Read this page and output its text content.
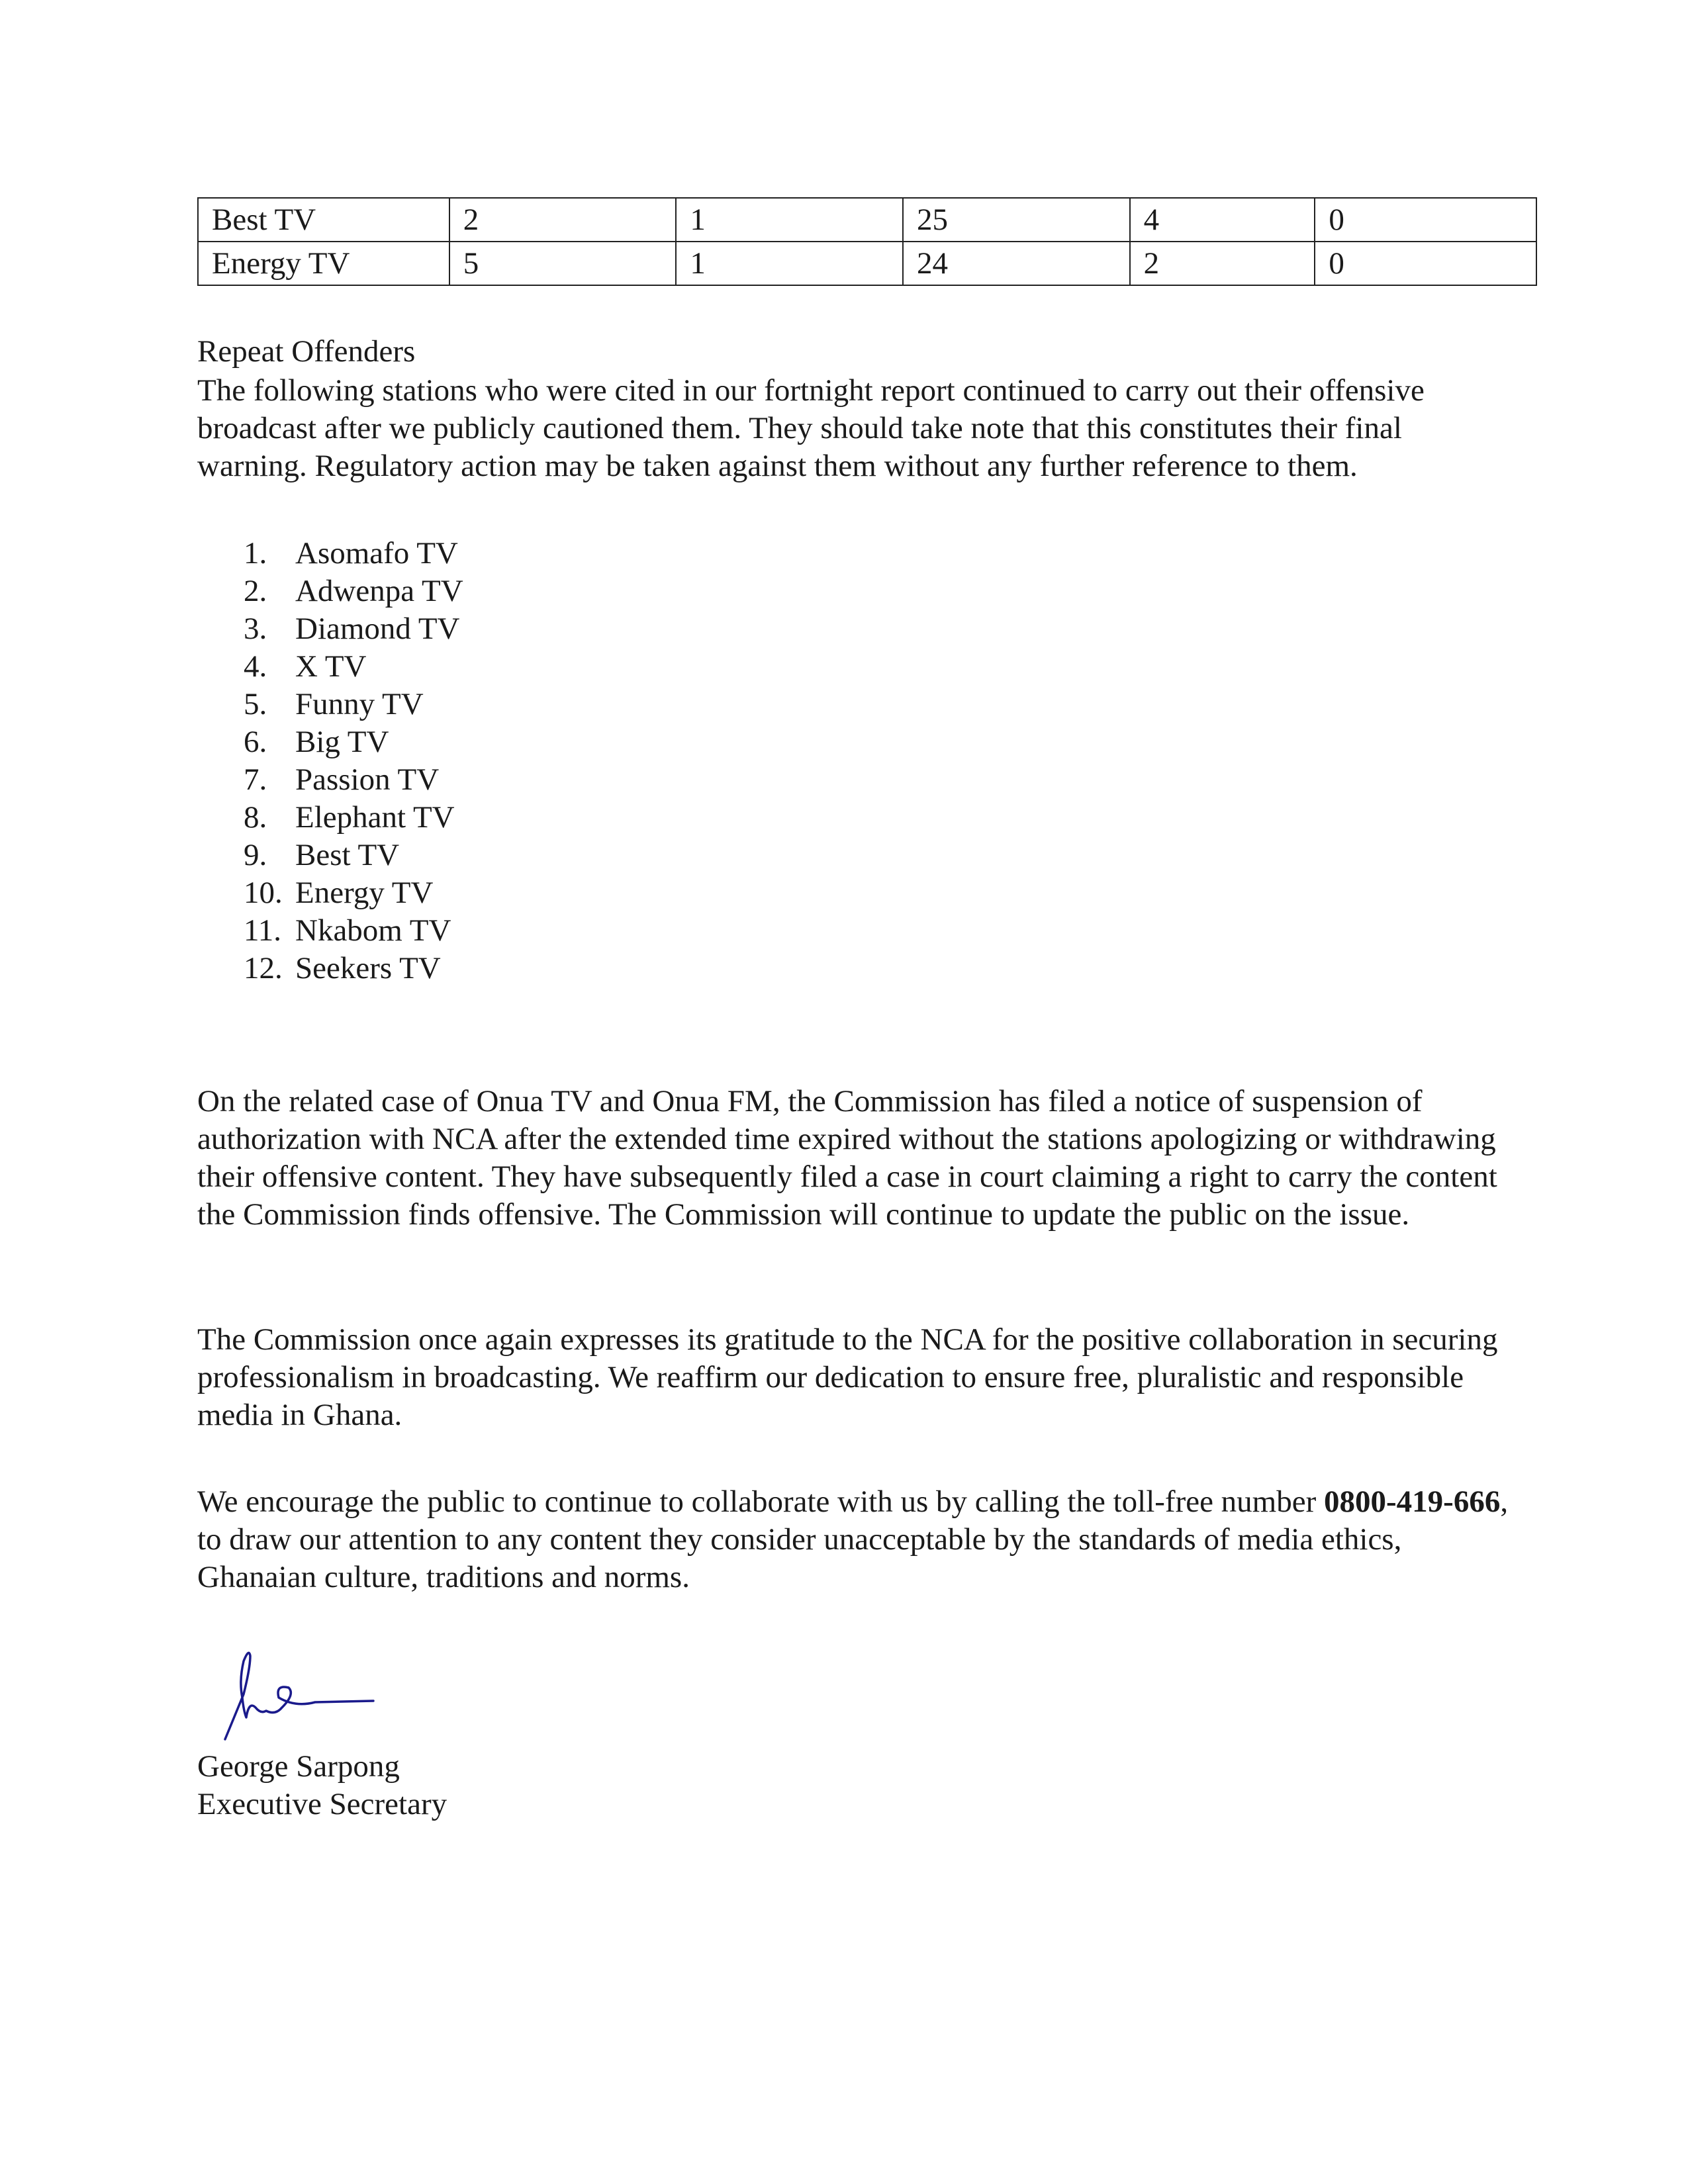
Best TV	2	1	25	4	0
Energy TV	5	1	24	2	0
Repeat Offenders
The following stations who were cited in our fortnight report continued to carry out their offensive broadcast after we publicly cautioned them. They should take note that this constitutes their final warning. Regulatory action may be taken against them without any further reference to them.
1. Asomafo TV
2. Adwenpa TV
3. Diamond TV
4. X TV
5. Funny TV
6. Big TV
7. Passion TV
8. Elephant TV
9. Best TV
10. Energy TV
11. Nkabom TV
12. Seekers TV
On the related case of Onua TV and Onua FM, the Commission has filed a notice of suspension of authorization with NCA after the extended time expired without the stations apologizing or withdrawing their offensive content. They have subsequently filed a case in court claiming a right to carry the content the Commission finds offensive. The Commission will continue to update the public on the issue.
The Commission once again expresses its gratitude to the NCA for the positive collaboration in securing professionalism in broadcasting. We reaffirm our dedication to ensure free, pluralistic and responsible media in Ghana.
We encourage the public to continue to collaborate with us by calling the toll-free number 0800-419-666, to draw our attention to any content they consider unacceptable by the standards of media ethics, Ghanaian culture, traditions and norms.
George Sarpong
Executive Secretary
